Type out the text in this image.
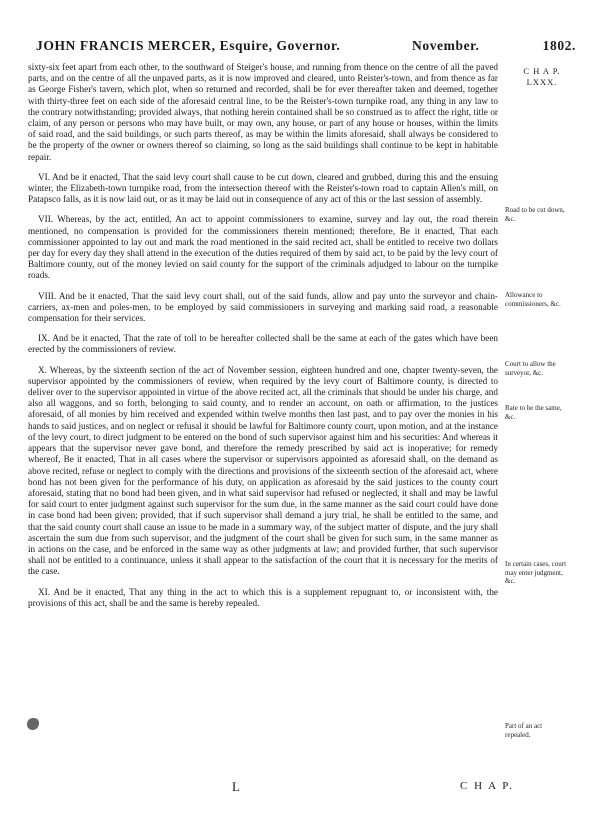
JOHN FRANCIS MERCER, Esquire, Governor.	November.	1802.
C H A P. LXXX.

sixty-six feet apart from each other, to the southward of Steiger's house, and running from thence on the centre of all the paved parts, and on the centre of all the unpaved parts, as it is now improved and cleared, unto Reister's-town, and from thence as far as George Fisher's tavern, which plot, when so returned and recorded, shall be for ever thereafter taken and deemed, together with thirty-three feet on each side of the aforesaid central line, to be the Reister's-town turnpike road, any thing in any law to the contrary notwithstanding; provided always, that nothing herein contained shall be so construed as to affect the right, title or claim, of any person or persons who may have built, or may own, any house, or part of any house or houses, within the limits of said road, and the said buildings, or such parts thereof, as may be within the limits aforesaid, shall always be considered to be the property of the owner or owners thereof so claiming, so long as the said buildings shall continue to be kept in habitable repair.

VI. And be it enacted, That the said levy court shall cause to be cut down, cleared and grubbed, during this and the ensuing winter, the Elizabeth-town turnpike road, from the intersection thereof with the Reister's-town road to captain Allen's mill, on Patapsco falls, as it is now laid out, or as it may be laid out in consequence of any act of this or the last session of assembly.

VII. Whereas, by the act, entitled, An act to appoint commissioners to examine, survey and lay out, the road therein mentioned, no compensation is provided for the commissioners therein mentioned; therefore, Be it enacted, That each commissioner appointed to lay out and mark the road mentioned in the said recited act, shall be entitled to receive two dollars per day for every day they shall attend in the execution of the duties required of them by said act, to be paid by the levy court of Baltimore county, out of the money levied on said county for the support of the criminals adjudged to labour on the turnpike roads.

VIII. And be it enacted, That the said levy court shall, out of the said funds, allow and pay unto the surveyor and chain-carriers, ax-men and poles-men, to be employed by said commissioners in surveying and marking said road, a reasonable compensation for their services.

IX. And be it enacted, That the rate of toll to be hereafter collected shall be the same at each of the gates which have been erected by the commissioners of review.

X. Whereas, by the sixteenth section of the act of November session, eighteen hundred and one, chapter twenty-seven, the supervisor appointed by the commissioners of review, when required by the levy court of Baltimore county, is directed to deliver over to the supervisor appointed in virtue of the above recited act, all the criminals that should be under his charge, and also all waggons, and so forth, belonging to said county, and to render an account, on oath or affirmation, to the justices aforesaid, of all monies by him received and expended within twelve months then last past, and to pay over the monies in his hands to said justices, and on neglect or refusal it should be lawful for Baltimore county court, upon motion, and at the instance of the levy court, to direct judgment to be entered on the bond of such supervisor against him and his securities: And whereas it appears that the supervisor never gave bond, and therefore the remedy prescribed by said act is inoperative; for remedy whereof, Be it enacted, That in all cases where the supervisor or supervisors appointed as aforesaid shall, on the demand as above recited, refuse or neglect to comply with the directions and provisions of the sixteenth section of the aforesaid act, where bond has not been given for the performance of his duty, on application as aforesaid by the said justices to the county court aforesaid, stating that no bond had been given, and in what said supervisor had refused or neglected, it shall and may be lawful for said court to enter judgment against such supervisor for the sum due, in the same manner as the said court could have done in case bond had been given; provided, that if such supervisor shall demand a jury trial, he shall be entitled to the same, and that the said county court shall cause an issue to be made in a summary way, of the subject matter of dispute, and the jury shall ascertain the sum due from such supervisor, and the judgment of the court shall be given for such sum, in the same manner as in actions on the case, and be enforced in the same way as other judgments at law; and provided further, that such supervisor shall not be entitled to a continuance, unless it shall appear to the satisfaction of the court that it is necessary for the merits of the case.

XI. And be it enacted, That any thing in the act to which this is a supplement repugnant to, or inconsistent with, the provisions of this act, shall be and the same is hereby repealed.

Road to be cut down, &c.
Allowance to commissioners, &c.
Court to allow the surveyor, &c.
Rate to be the same, &c.
In certain cases, court may enter judgment, &c.
Part of an act repealed.
L	C H A P.
